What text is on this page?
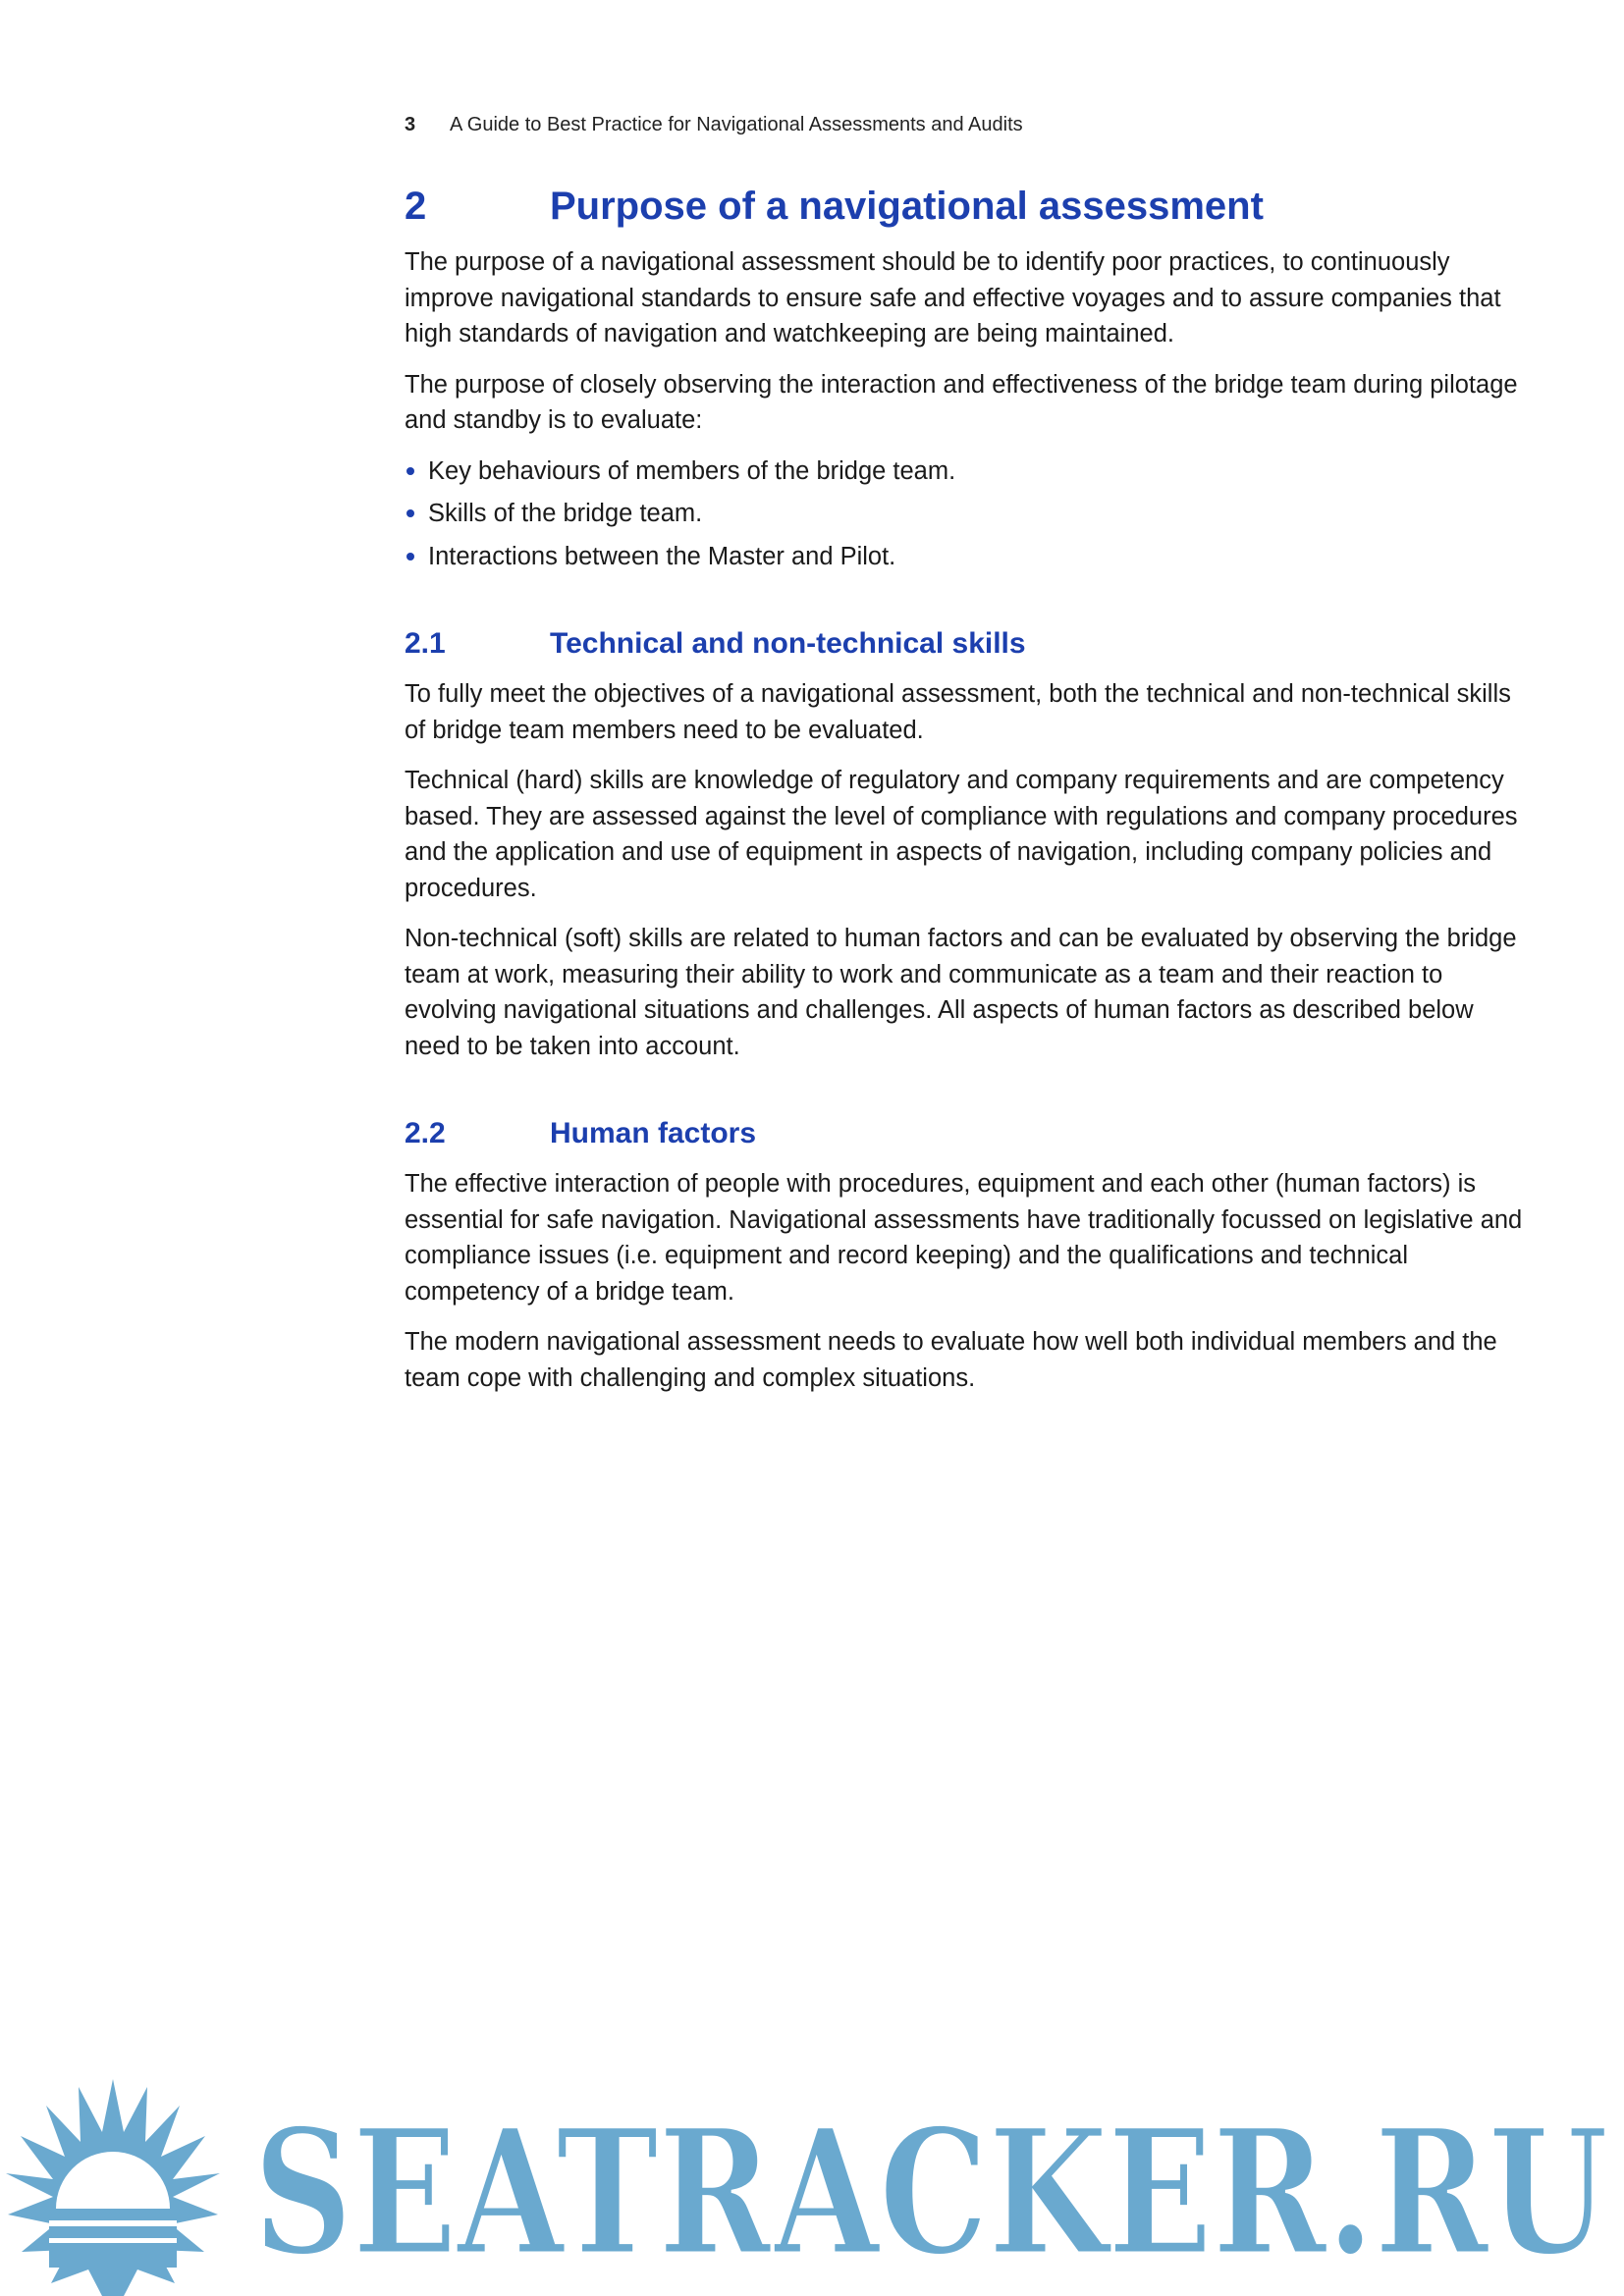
3 A Guide to Best Practice for Navigational Assessments and Audits
2	Purpose of a navigational assessment

The purpose of a navigational assessment should be to identify poor practices, to continuously improve navigational standards to ensure safe and effective voyages and to assure companies that high standards of navigation and watchkeeping are being maintained.

The purpose of closely observing the interaction and effectiveness of the bridge team during pilotage and standby is to evaluate:

Key behaviours of members of the bridge team.
Skills of the bridge team.
Interactions between the Master and Pilot.
2.1	Technical and non-technical skills

To fully meet the objectives of a navigational assessment, both the technical and non-technical skills of bridge team members need to be evaluated.

Technical (hard) skills are knowledge of regulatory and company requirements and are competency based. They are assessed against the level of compliance with regulations and company procedures and the application and use of equipment in aspects of navigation, including company policies and procedures.

Non-technical (soft) skills are related to human factors and can be evaluated by observing the bridge team at work, measuring their ability to work and communicate as a team and their reaction to evolving navigational situations and challenges. All aspects of human factors as described below need to be taken into account.

2.2	Human factors

The effective interaction of people with procedures, equipment and each other (human factors) is essential for safe navigation. Navigational assessments have traditionally focussed on legislative and compliance issues (i.e. equipment and record keeping) and the qualifications and technical competency of a bridge team.

The modern navigational assessment needs to evaluate how well both individual members and the team cope with challenging and complex situations.

SEATRACKER.RU
